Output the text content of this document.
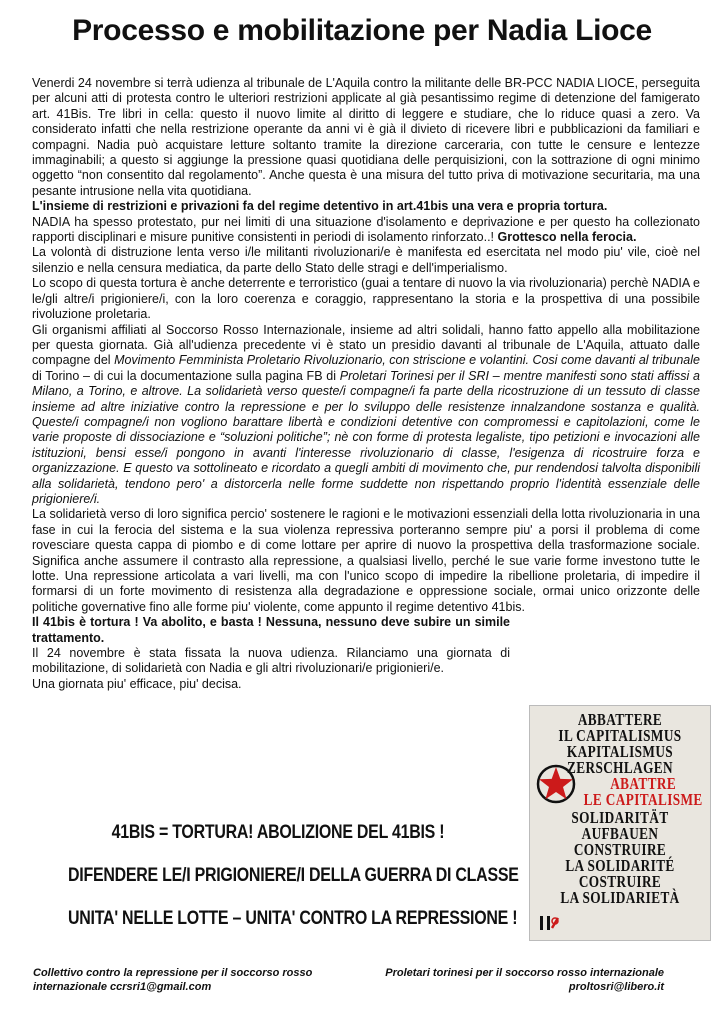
Processo e mobilitazione per Nadia Lioce

Venerdi 24 novembre si terrà udienza al tribunale de L'Aquila contro la militante delle BR-PCC NADIA LIOCE, perseguita per alcuni atti di protesta contro le ulteriori restrizioni applicate al già pesantissimo regime di detenzione del famigerato art. 41Bis. Tre libri in cella: questo il nuovo limite al diritto di leggere e studiare, che lo riduce quasi a zero. Va considerato infatti che nella restrizione operante da anni vi è già il divieto di ricevere libri e pubblicazioni da familiari e compagni. Nadia può acquistare letture soltanto tramite la direzione carceraria, con tutte le censure e lentezze immaginabili; a questo si aggiunge la pressione quasi quotidiana delle perquisizioni, con la sottrazione di ogni minimo oggetto “non consentito dal regolamento”. Anche questa è una misura del tutto priva di motivazione securitaria, ma una pesante intrusione nella vita quotidiana.

L'insieme di restrizioni e privazioni fa del regime detentivo in art.41bis una vera e propria tortura.

NADIA ha spesso protestato, pur nei limiti di una situazione d'isolamento e deprivazione e per questo ha collezionato rapporti disciplinari e misure punitive consistenti in periodi di isolamento rinforzato..! Grottesco nella ferocia.

La volontà di distruzione lenta verso i/le militanti rivoluzionari/e è manifesta ed esercitata nel modo piu' vile, cioè nel silenzio e nella censura mediatica, da parte dello Stato delle stragi e dell'imperialismo.

Lo scopo di questa tortura è anche deterrente e terroristico (guai a tentare di nuovo la via rivoluzionaria) perchè NADIA e le/gli altre/i prigioniere/i, con la loro coerenza e coraggio, rappresentano la storia e la prospettiva di una possibile rivoluzione proletaria.

Gli organismi affiliati al Soccorso Rosso Internazionale, insieme ad altri solidali, hanno fatto appello alla mobilitazione per questa giornata. Già all'udienza precedente vi è stato un presidio davanti al tribunale de L'Aquila, attuato dalle compagne del Movimento Femminista Proletario Rivoluzionario, con striscione e volantini. Cosi come davanti al tribunale di Torino – di cui la documentazione sulla pagina FB di Proletari Torinesi per il SRI – mentre manifesti sono stati affissi a Milano, a Torino, e altrove. La solidarietà verso queste/i compagne/i fa parte della ricostruzione di un tessuto di classe insieme ad altre iniziative contro la repressione e per lo sviluppo delle resistenze innalzandone sostanza e qualità. Queste/i compagne/i non vogliono barattare libertà e condizioni detentive con compromessi e capitolazioni, come le varie proposte di dissociazione e “soluzioni politiche”; nè con forme di protesta legaliste, tipo petizioni e invocazioni alle istituzioni, bensi esse/i pongono in avanti l'interesse rivoluzionario di classe, l'esigenza di ricostruire forza e organizzazione. E questo va sottolineato e ricordato a quegli ambiti di movimento che, pur rendendosi talvolta disponibili alla solidarietà, tendono pero' a distorcerla nelle forme suddette non rispettando proprio l'identità essenziale delle prigioniere/i.

La solidarietà verso di loro significa percio' sostenere le ragioni e le motivazioni essenziali della lotta rivoluzionaria in una fase in cui la ferocia del sistema e la sua violenza repressiva porteranno sempre piu' a porsi il problema di come rovesciare questa cappa di piombo e di come lottare per aprire di nuovo la prospettiva della trasformazione sociale. Significa anche assumere il contrasto alla repressione, a qualsiasi livello, perché le sue varie forme investono tutte le lotte. Una repressione articolata a vari livelli, ma con l'unico scopo di impedire la ribellione proletaria, di impedire il formarsi di un forte movimento di resistenza alla degradazione e oppressione sociale, ormai unico orizzonte delle politiche governative fino alle forme piu' violente, come appunto il regime detentivo 41bis.

Il 41bis è tortura ! Va abolito, e basta ! Nessuna, nessuno deve subire un simile trattamento.

Il 24 novembre è stata fissata la nuova udienza. Rilanciamo una giornata di mobilitazione, di solidarietà con Nadia e gli altri rivoluzionari/e prigionieri/e.

Una giornata piu' efficace, piu' decisa.

41BIS = TORTURA! ABOLIZIONE DEL 41BIS !

DIFENDERE LE/I PRIGIONIERE/I DELLA GUERRA DI CLASSE

UNITA' NELLE LOTTE – UNITA' CONTRO LA REPRESSIONE !

ABBATTERE
IL CAPITALISMUS
KAPITALISMUS
ZERSCHLAGEN
ABATTRE
LE CAPITALISME
SOLIDARITÄT
AUFBAUEN
CONSTRUIRE
LA SOLIDARITÉ
COSTRUIRE
LA SOLIDARIETÀ
Collettivo contro la repressione per il soccorso rosso
internazionale ccrsri1@gmail.com
Proletari torinesi per il soccorso rosso internazionale
proltosri@libero.it
